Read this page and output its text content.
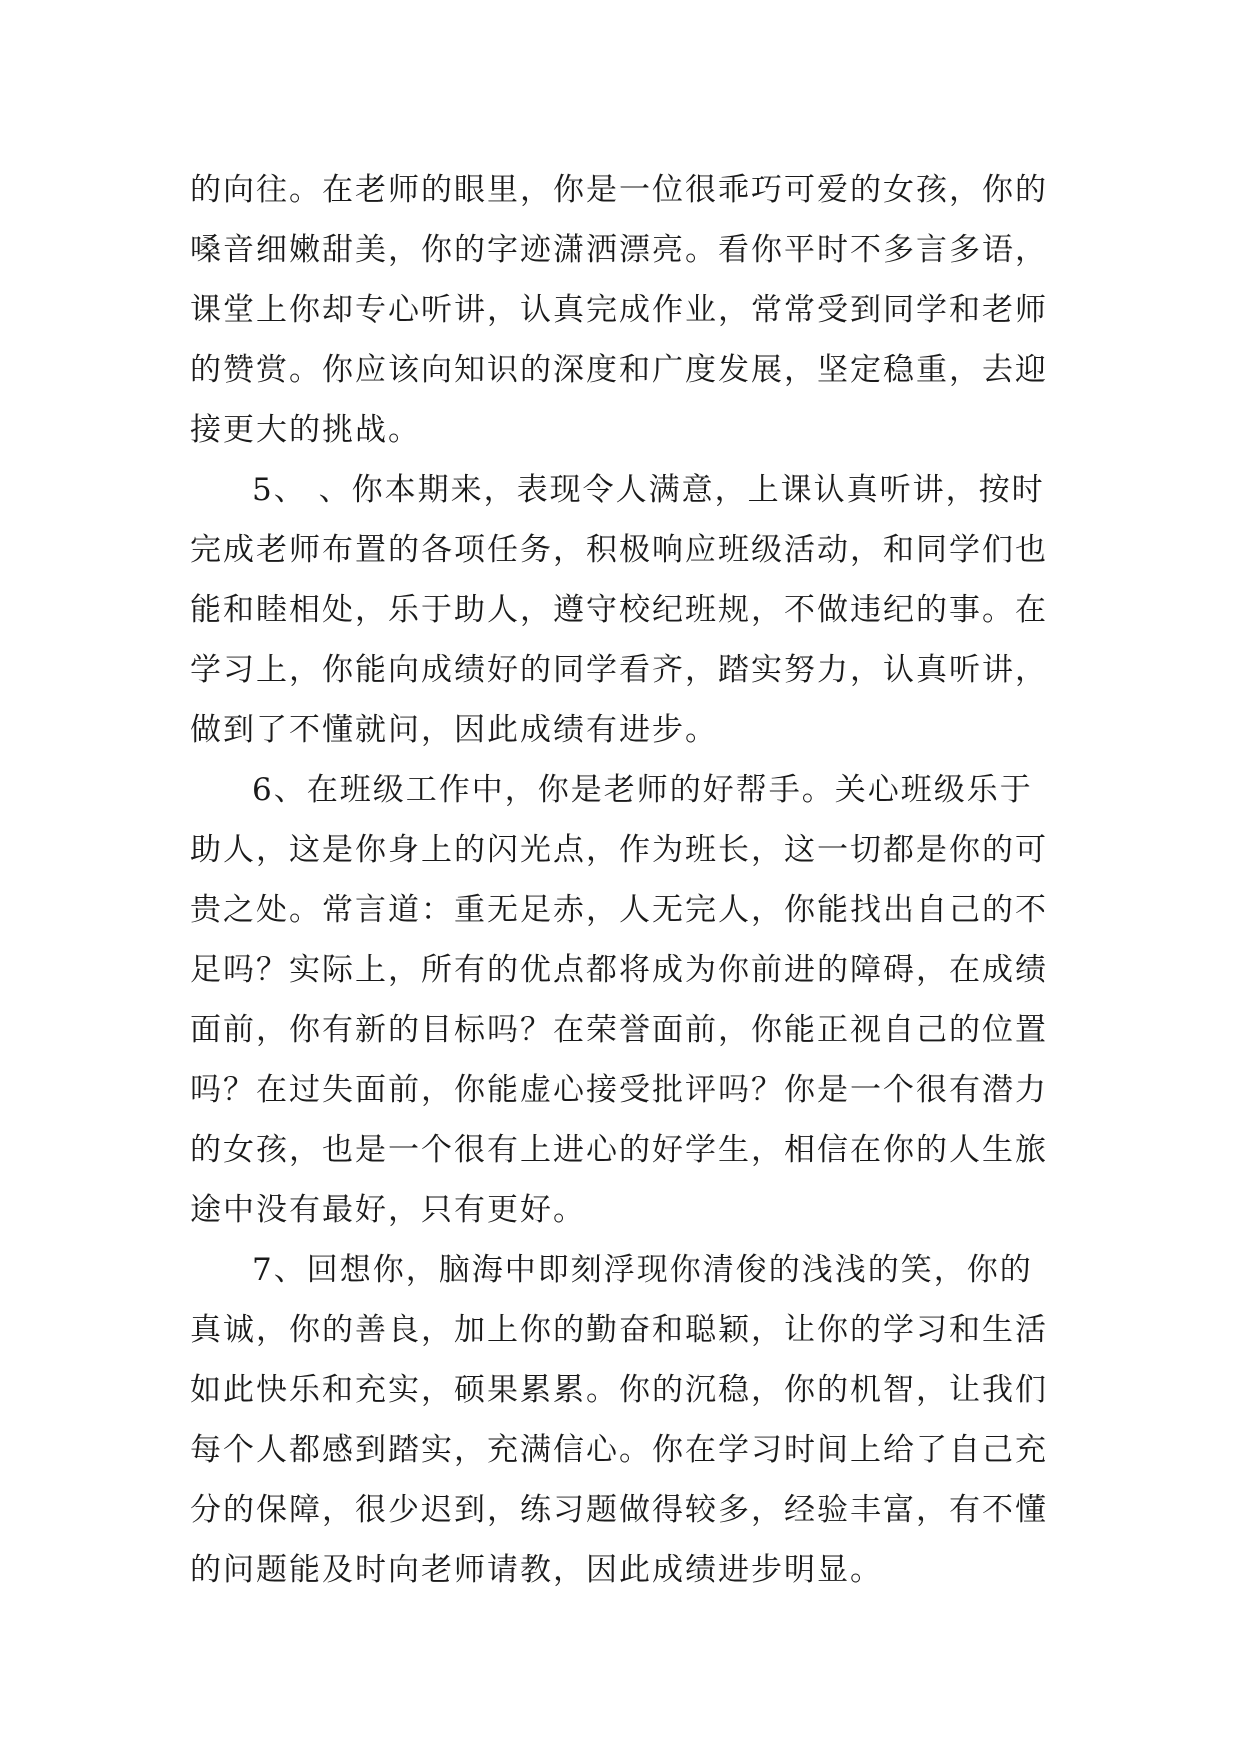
的向往。在老师的眼里，你是一位很乖巧可爱的女孩，你的
嗓音细嫩甜美，你的字迹潇洒漂亮。看你平时不多言多语，
课堂上你却专心听讲，认真完成作业，常常受到同学和老师
的赞赏。你应该向知识的深度和广度发展，坚定稳重，去迎
接更大的挑战。

5、 、你本期来，表现令人满意，上课认真听讲，按时
完成老师布置的各项任务，积极响应班级活动，和同学们也
能和睦相处，乐于助人，遵守校纪班规，不做违纪的事。在
学习上，你能向成绩好的同学看齐，踏实努力，认真听讲，
做到了不懂就问，因此成绩有进步。

6、在班级工作中，你是老师的好帮手。关心班级乐于
助人，这是你身上的闪光点，作为班长，这一切都是你的可
贵之处。常言道：重无足赤，人无完人，你能找出自己的不
足吗？实际上，所有的优点都将成为你前进的障碍，在成绩
面前，你有新的目标吗？在荣誉面前，你能正视自己的位置
吗？在过失面前，你能虚心接受批评吗？你是一个很有潜力
的女孩，也是一个很有上进心的好学生，相信在你的人生旅
途中没有最好，只有更好。

7、回想你，脑海中即刻浮现你清俊的浅浅的笑，你的
真诚，你的善良，加上你的勤奋和聪颖，让你的学习和生活
如此快乐和充实，硕果累累。你的沉稳，你的机智，让我们
每个人都感到踏实，充满信心。你在学习时间上给了自己充
分的保障，很少迟到，练习题做得较多，经验丰富，有不懂
的问题能及时向老师请教，因此成绩进步明显。
